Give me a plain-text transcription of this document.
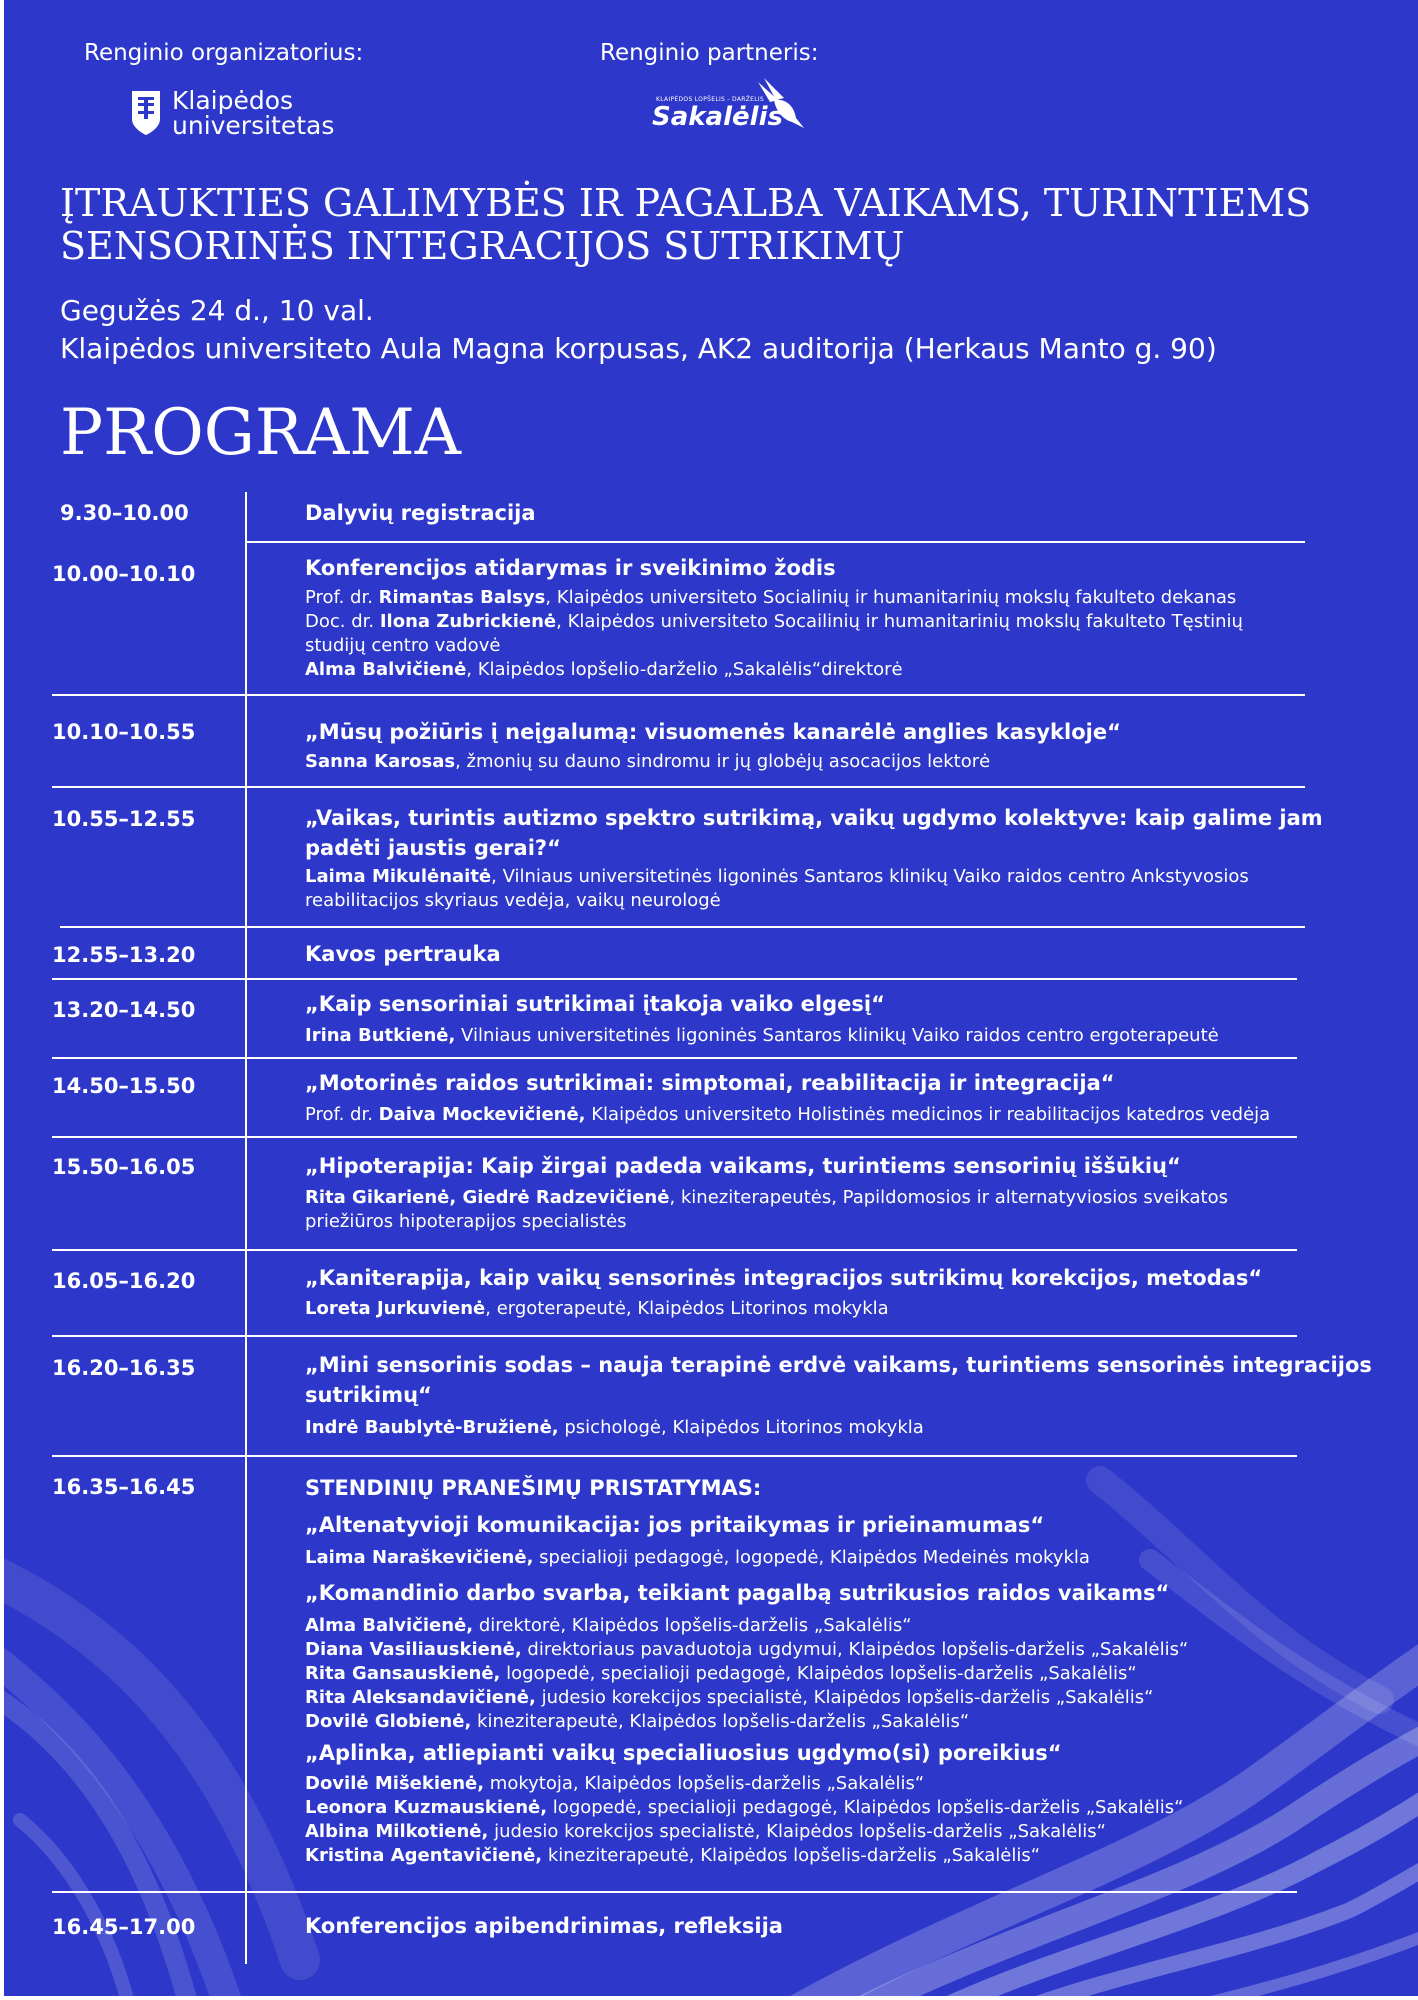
Renginio organizatorius:	Renginio partneris:
Klaipėdos
universitetas
KLAIPĖDOS LOPŠELIS - DARŽELIS
Sakalėlis
ĮTRAUKTIES GALIMYBĖS IR PAGALBA VAIKAMS, TURINTIEMS
SENSORINĖS INTEGRACIJOS SUTRIKIMŲ
Gegužės 24 d., 10 val.
Klaipėdos universiteto Aula Magna korpusas, AK2 auditorija (Herkaus Manto g. 90)
PROGRAMA
9.30–10.00	Dalyvių registracija
10.00–10.10	Konferencijos atidarymas ir sveikinimo žodis
Prof. dr. Rimantas Balsys, Klaipėdos universiteto Socialinių ir humanitarinių mokslų fakulteto dekanas
Doc. dr. Ilona Zubrickienė, Klaipėdos universiteto Socailinių ir humanitarinių mokslų fakulteto Tęstinių
studijų centro vadovė
Alma Balvičienė, Klaipėdos lopšelio-darželio „Sakalėlis“direktorė
10.10–10.55	„Mūsų požiūris į neįgalumą: visuomenės kanarėlė anglies kasykloje“
Sanna Karosas, žmonių su dauno sindromu ir jų globėjų asocacijos lektorė
10.55–12.55	„Vaikas, turintis autizmo spektro sutrikimą, vaikų ugdymo kolektyve: kaip galime jam
padėti jaustis gerai?“
Laima Mikulėnaitė, Vilniaus universitetinės ligoninės Santaros klinikų Vaiko raidos centro Ankstyvosios
reabilitacijos skyriaus vedėja, vaikų neurologė
12.55–13.20	Kavos pertrauka
13.20–14.50	„Kaip sensoriniai sutrikimai įtakoja vaiko elgesį“
Irina Butkienė, Vilniaus universitetinės ligoninės Santaros klinikų Vaiko raidos centro ergoterapeutė
14.50–15.50	„Motorinės raidos sutrikimai: simptomai, reabilitacija ir integracija“
Prof. dr. Daiva Mockevičienė, Klaipėdos universiteto Holistinės medicinos ir reabilitacijos katedros vedėja
15.50–16.05	„Hipoterapija: Kaip žirgai padeda vaikams, turintiems sensorinių iššūkių“
Rita Gikarienė, Giedrė Radzevičienė, kineziterapeutės, Papildomosios ir alternatyviosios sveikatos
priežiūros hipoterapijos specialistės
16.05–16.20	„Kaniterapija, kaip vaikų sensorinės integracijos sutrikimų korekcijos, metodas“
Loreta Jurkuvienė, ergoterapeutė, Klaipėdos Litorinos mokykla
16.20–16.35	„Mini sensorinis sodas – nauja terapinė erdvė vaikams, turintiems sensorinės integracijos
sutrikimų“
Indrė Baublytė-Bružienė, psichologė, Klaipėdos Litorinos mokykla
16.35–16.45	STENDINIŲ PRANEŠIMŲ PRISTATYMAS:
„Altenatyvioji komunikacija: jos pritaikymas ir prieinamumas“
Laima Naraškevičienė, specialioji pedagogė, logopedė, Klaipėdos Medeinės mokykla
„Komandinio darbo svarba, teikiant pagalbą sutrikusios raidos vaikams“
Alma Balvičienė, direktorė, Klaipėdos lopšelis-darželis „Sakalėlis“
Diana Vasiliauskienė, direktoriaus pavaduotoja ugdymui, Klaipėdos lopšelis-darželis „Sakalėlis“
Rita Gansauskienė, logopedė, specialioji pedagogė, Klaipėdos lopšelis-darželis „Sakalėlis“
Rita Aleksandavičienė, judesio korekcijos specialistė, Klaipėdos lopšelis-darželis „Sakalėlis“
Dovilė Globienė, kineziterapeutė, Klaipėdos lopšelis-darželis „Sakalėlis“
„Aplinka, atliepianti vaikų specialiuosius ugdymo(si) poreikius“
Dovilė Mišekienė, mokytoja, Klaipėdos lopšelis-darželis „Sakalėlis“
Leonora Kuzmauskienė, logopedė, specialioji pedagogė, Klaipėdos lopšelis-darželis „Sakalėlis“
Albina Milkotienė, judesio korekcijos specialistė, Klaipėdos lopšelis-darželis „Sakalėlis“
Kristina Agentavičienė, kineziterapeutė, Klaipėdos lopšelis-darželis „Sakalėlis“
16.45–17.00	Konferencijos apibendrinimas, refleksija
